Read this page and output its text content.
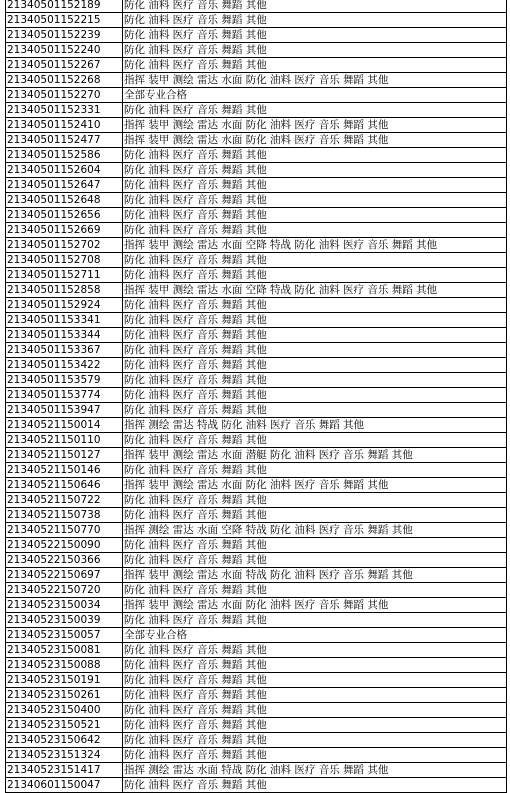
21340501152189	防化 油料 医疗 音乐 舞蹈 其他
21340501152215	防化 油料 医疗 音乐 舞蹈 其他
21340501152239	防化 油料 医疗 音乐 舞蹈 其他
21340501152240	防化 油料 医疗 音乐 舞蹈 其他
21340501152267	防化 油料 医疗 音乐 舞蹈 其他
21340501152268	指挥 装甲 测绘 雷达 水面 防化 油料 医疗 音乐 舞蹈 其他
21340501152270	全部专业合格
21340501152331	防化 油料 医疗 音乐 舞蹈 其他
21340501152410	指挥 装甲 测绘 雷达 水面 防化 油料 医疗 音乐 舞蹈 其他
21340501152477	指挥 装甲 测绘 雷达 水面 防化 油料 医疗 音乐 舞蹈 其他
21340501152586	防化 油料 医疗 音乐 舞蹈 其他
21340501152604	防化 油料 医疗 音乐 舞蹈 其他
21340501152647	防化 油料 医疗 音乐 舞蹈 其他
21340501152648	防化 油料 医疗 音乐 舞蹈 其他
21340501152656	防化 油料 医疗 音乐 舞蹈 其他
21340501152669	防化 油料 医疗 音乐 舞蹈 其他
21340501152702	指挥 装甲 测绘 雷达 水面 空降 特战 防化 油料 医疗 音乐 舞蹈 其他
21340501152708	防化 油料 医疗 音乐 舞蹈 其他
21340501152711	防化 油料 医疗 音乐 舞蹈 其他
21340501152858	指挥 装甲 测绘 雷达 水面 空降 特战 防化 油料 医疗 音乐 舞蹈 其他
21340501152924	防化 油料 医疗 音乐 舞蹈 其他
21340501153341	防化 油料 医疗 音乐 舞蹈 其他
21340501153344	防化 油料 医疗 音乐 舞蹈 其他
21340501153367	防化 油料 医疗 音乐 舞蹈 其他
21340501153422	防化 油料 医疗 音乐 舞蹈 其他
21340501153579	防化 油料 医疗 音乐 舞蹈 其他
21340501153774	防化 油料 医疗 音乐 舞蹈 其他
21340501153947	防化 油料 医疗 音乐 舞蹈 其他
21340521150014	指挥 测绘 雷达 特战 防化 油料 医疗 音乐 舞蹈 其他
21340521150110	防化 油料 医疗 音乐 舞蹈 其他
21340521150127	指挥 装甲 测绘 雷达 水面 潜艇 防化 油料 医疗 音乐 舞蹈 其他
21340521150146	防化 油料 医疗 音乐 舞蹈 其他
21340521150646	指挥 装甲 测绘 雷达 水面 防化 油料 医疗 音乐 舞蹈 其他
21340521150722	防化 油料 医疗 音乐 舞蹈 其他
21340521150738	防化 油料 医疗 音乐 舞蹈 其他
21340521150770	指挥 测绘 雷达 水面 空降 特战 防化 油料 医疗 音乐 舞蹈 其他
21340522150090	防化 油料 医疗 音乐 舞蹈 其他
21340522150366	防化 油料 医疗 音乐 舞蹈 其他
21340522150697	指挥 装甲 测绘 雷达 水面 特战 防化 油料 医疗 音乐 舞蹈 其他
21340522150720	防化 油料 医疗 音乐 舞蹈 其他
21340523150034	指挥 装甲 测绘 雷达 水面 防化 油料 医疗 音乐 舞蹈 其他
21340523150039	防化 油料 医疗 音乐 舞蹈 其他
21340523150057	全部专业合格
21340523150081	防化 油料 医疗 音乐 舞蹈 其他
21340523150088	防化 油料 医疗 音乐 舞蹈 其他
21340523150191	防化 油料 医疗 音乐 舞蹈 其他
21340523150261	防化 油料 医疗 音乐 舞蹈 其他
21340523150400	防化 油料 医疗 音乐 舞蹈 其他
21340523150521	防化 油料 医疗 音乐 舞蹈 其他
21340523150642	防化 油料 医疗 音乐 舞蹈 其他
21340523151324	防化 油料 医疗 音乐 舞蹈 其他
21340523151417	指挥 测绘 雷达 水面 特战 防化 油料 医疗 音乐 舞蹈 其他
21340601150047	防化 油料 医疗 音乐 舞蹈 其他
